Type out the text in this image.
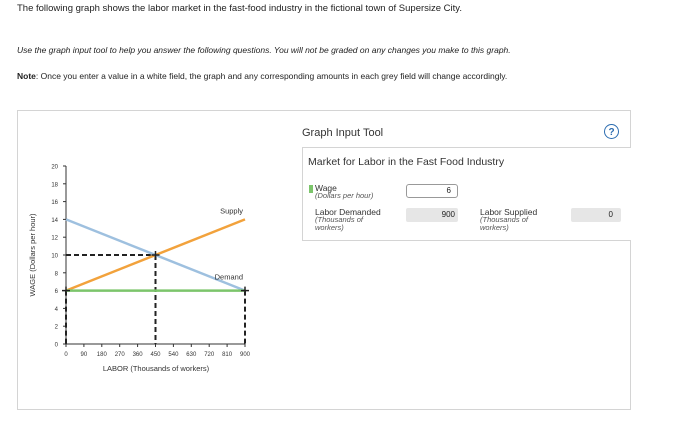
The following graph shows the labor market in the fast-food industry in the fictional town of Supersize City.
Use the graph input tool to help you answer the following questions. You will not be graded on any changes you make to this graph.
Note: Once you enter a value in a white field, the graph and any corresponding amounts in each grey field will change accordingly.
0
2
4
6
8
10
12
14
16
18
20
0 90 180 270 360 450 540 630 720 810 900
Supply
Demand
WAGE (Dollars per hour)
LABOR (Thousands of workers)
Graph Input Tool	?
Market for Labor in the Fast Food Industry
Wage
(Dollars per hour)
6
Labor Demanded
(Thousands of
workers)
900	Labor Supplied
(Thousands of
workers)
0
